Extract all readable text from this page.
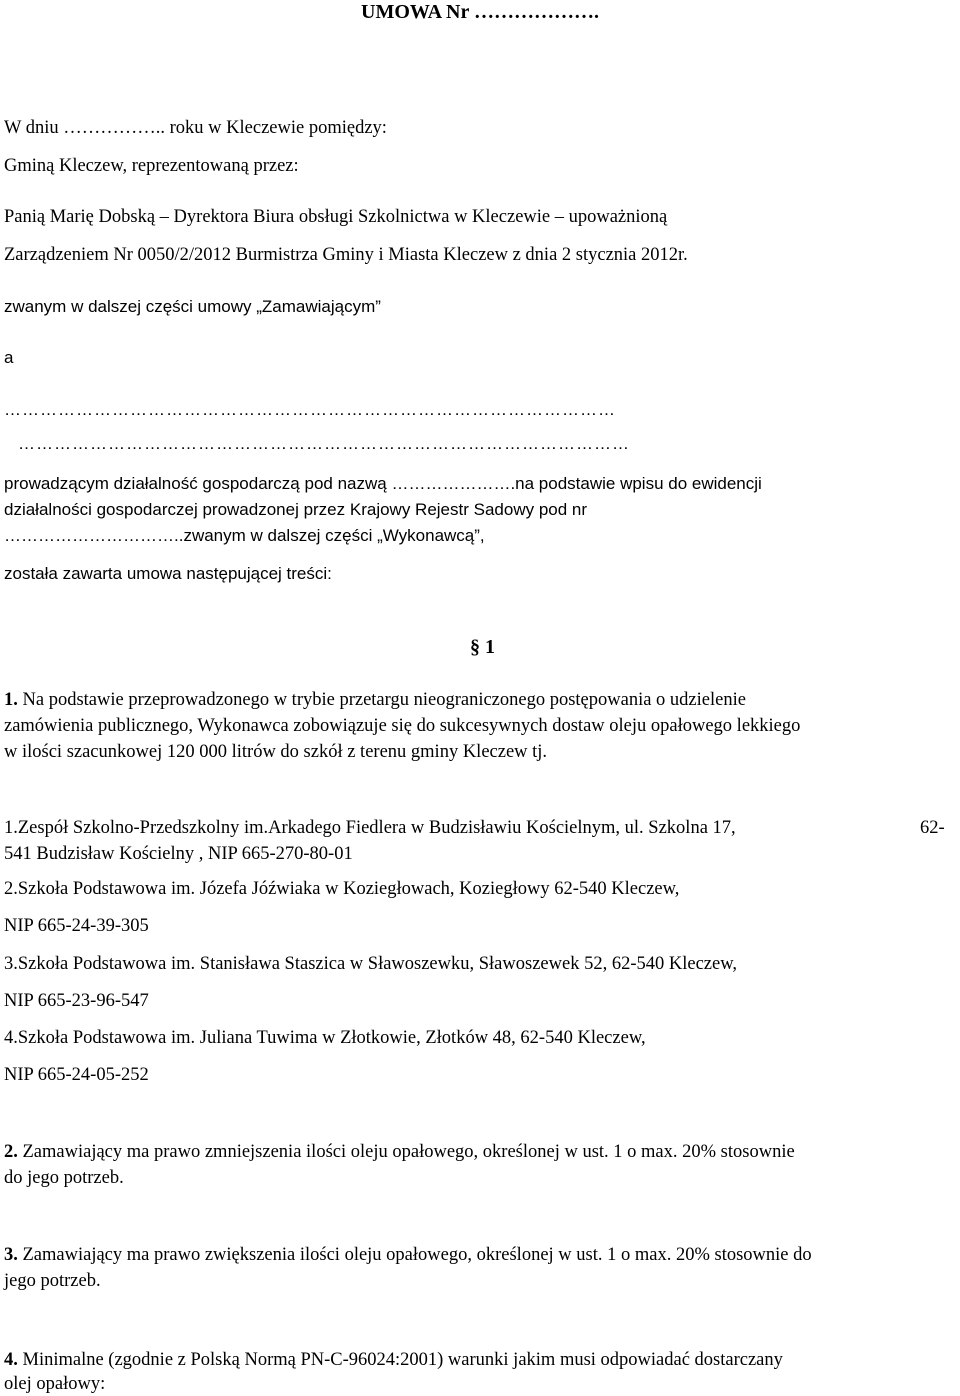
UMOWA Nr ……………….
W dniu …………….. roku w Kleczewie pomiędzy:
Gminą Kleczew, reprezentowaną przez:
Panią Marię Dobską – Dyrektora Biura obsługi Szkolnictwa w Kleczewie – upoważnioną
Zarządzeniem Nr 0050/2/2012 Burmistrza Gminy i Miasta Kleczew z dnia 2 stycznia 2012r.
zwanym w dalszej części umowy „Zamawiającym”
a
…………………………………………………………………………………………
…………………………………………………………………………………………
prowadzącym działalność gospodarczą pod nazwą ………………….na podstawie wpisu do ewidencji
działalności gospodarczej prowadzonej przez Krajowy Rejestr Sadowy pod nr
…………………………..zwanym w dalszej części „Wykonawcą”,
została zawarta umowa następującej treści:
§ 1
1. Na podstawie przeprowadzonego w trybie przetargu nieograniczonego postępowania o udzielenie
zamówienia publicznego, Wykonawca zobowiązuje się do sukcesywnych dostaw oleju opałowego lekkiego
w ilości szacunkowej 120 000 litrów do szkół z terenu gminy Kleczew tj.
1.Zespół Szkolno-Przedszkolny im.Arkadego Fiedlera w Budzisławiu Kościelnym, ul. Szkolna 17,	62-
541 Budzisław Kościelny , NIP 665-270-80-01
2.Szkoła Podstawowa im. Józefa Jóźwiaka w Koziegłowach, Koziegłowy 62-540 Kleczew,
NIP 665-24-39-305
3.Szkoła Podstawowa im. Stanisława Staszica w Sławoszewku, Sławoszewek 52, 62-540 Kleczew,
NIP 665-23-96-547
4.Szkoła Podstawowa im. Juliana Tuwima w Złotkowie, Złotków 48, 62-540 Kleczew,
NIP 665-24-05-252
2. Zamawiający ma prawo zmniejszenia ilości oleju opałowego, określonej w ust. 1 o max. 20% stosownie
do jego potrzeb.
3. Zamawiający ma prawo zwiększenia ilości oleju opałowego, określonej w ust. 1 o max. 20% stosownie do
jego potrzeb.
4. Minimalne (zgodnie z Polską Normą PN-C-96024:2001) warunki jakim musi odpowiadać dostarczany
olej opałowy:
